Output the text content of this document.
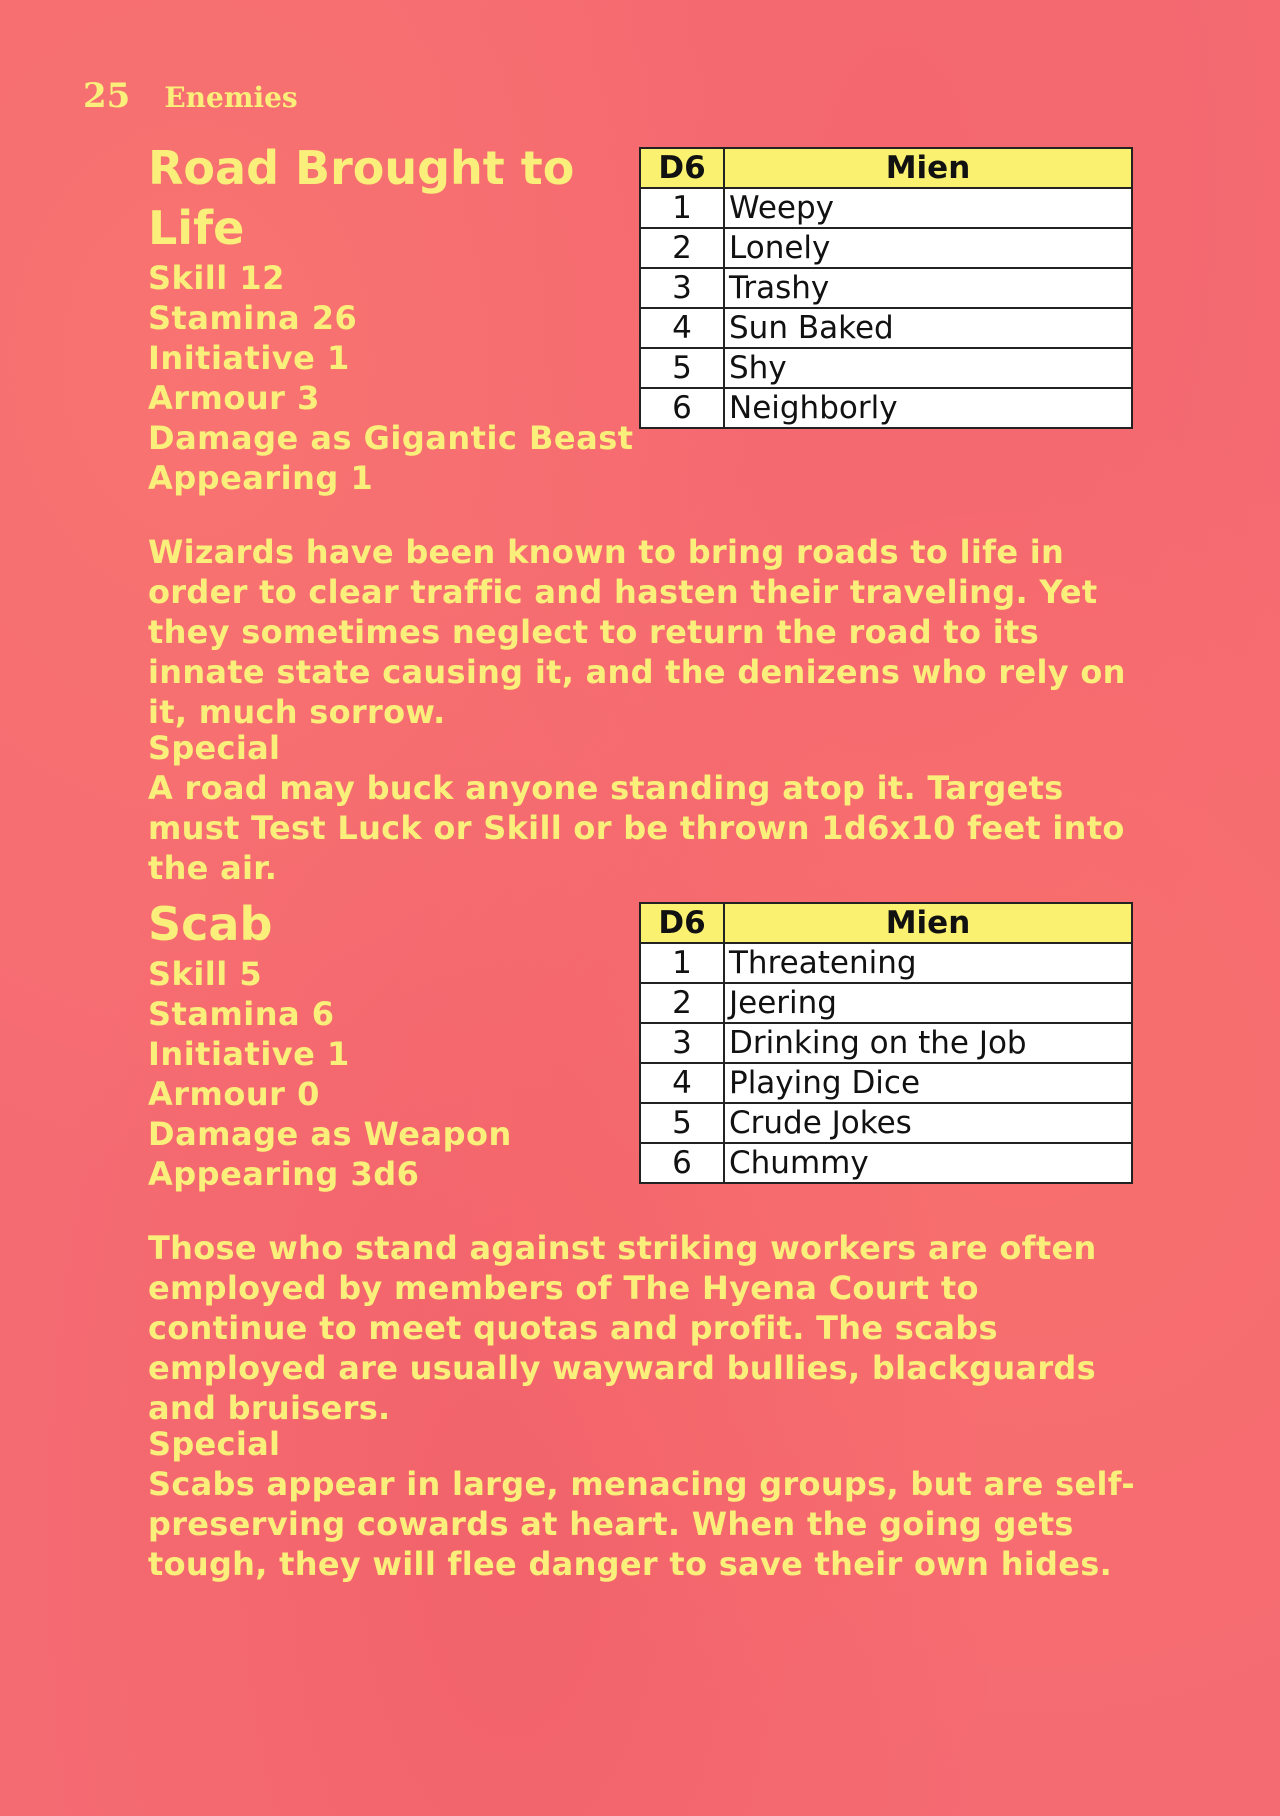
25 Enemies
Road Brought to Life
Skill 12
Stamina 26
Initiative 1
Armour 3
Damage as Gigantic Beast
Appearing 1
D6	Mien
1	Weepy
2	Lonely
3	Trashy
4	Sun Baked
5	Shy
6	Neighborly

Wizards have been known to bring roads to life in order to clear traffic and hasten their traveling. Yet they sometimes neglect to return the road to its innate state causing it, and the denizens who rely on it, much sorrow.

Special
A road may buck anyone standing atop it. Targets must Test Luck or Skill or be thrown 1d6x10 feet into the air.

Scab
Skill 5
Stamina 6
Initiative 1
Armour 0
Damage as Weapon
Appearing 3d6
D6	Mien
1	Threatening
2	Jeering
3	Drinking on the Job
4	Playing Dice
5	Crude Jokes
6	Chummy

Those who stand against striking workers are often employed by members of The Hyena Court to continue to meet quotas and profit. The scabs employed are usually wayward bullies, blackguards and bruisers.

Special
Scabs appear in large, menacing groups, but are self-preserving cowards at heart. When the going gets tough, they will flee danger to save their own hides.
